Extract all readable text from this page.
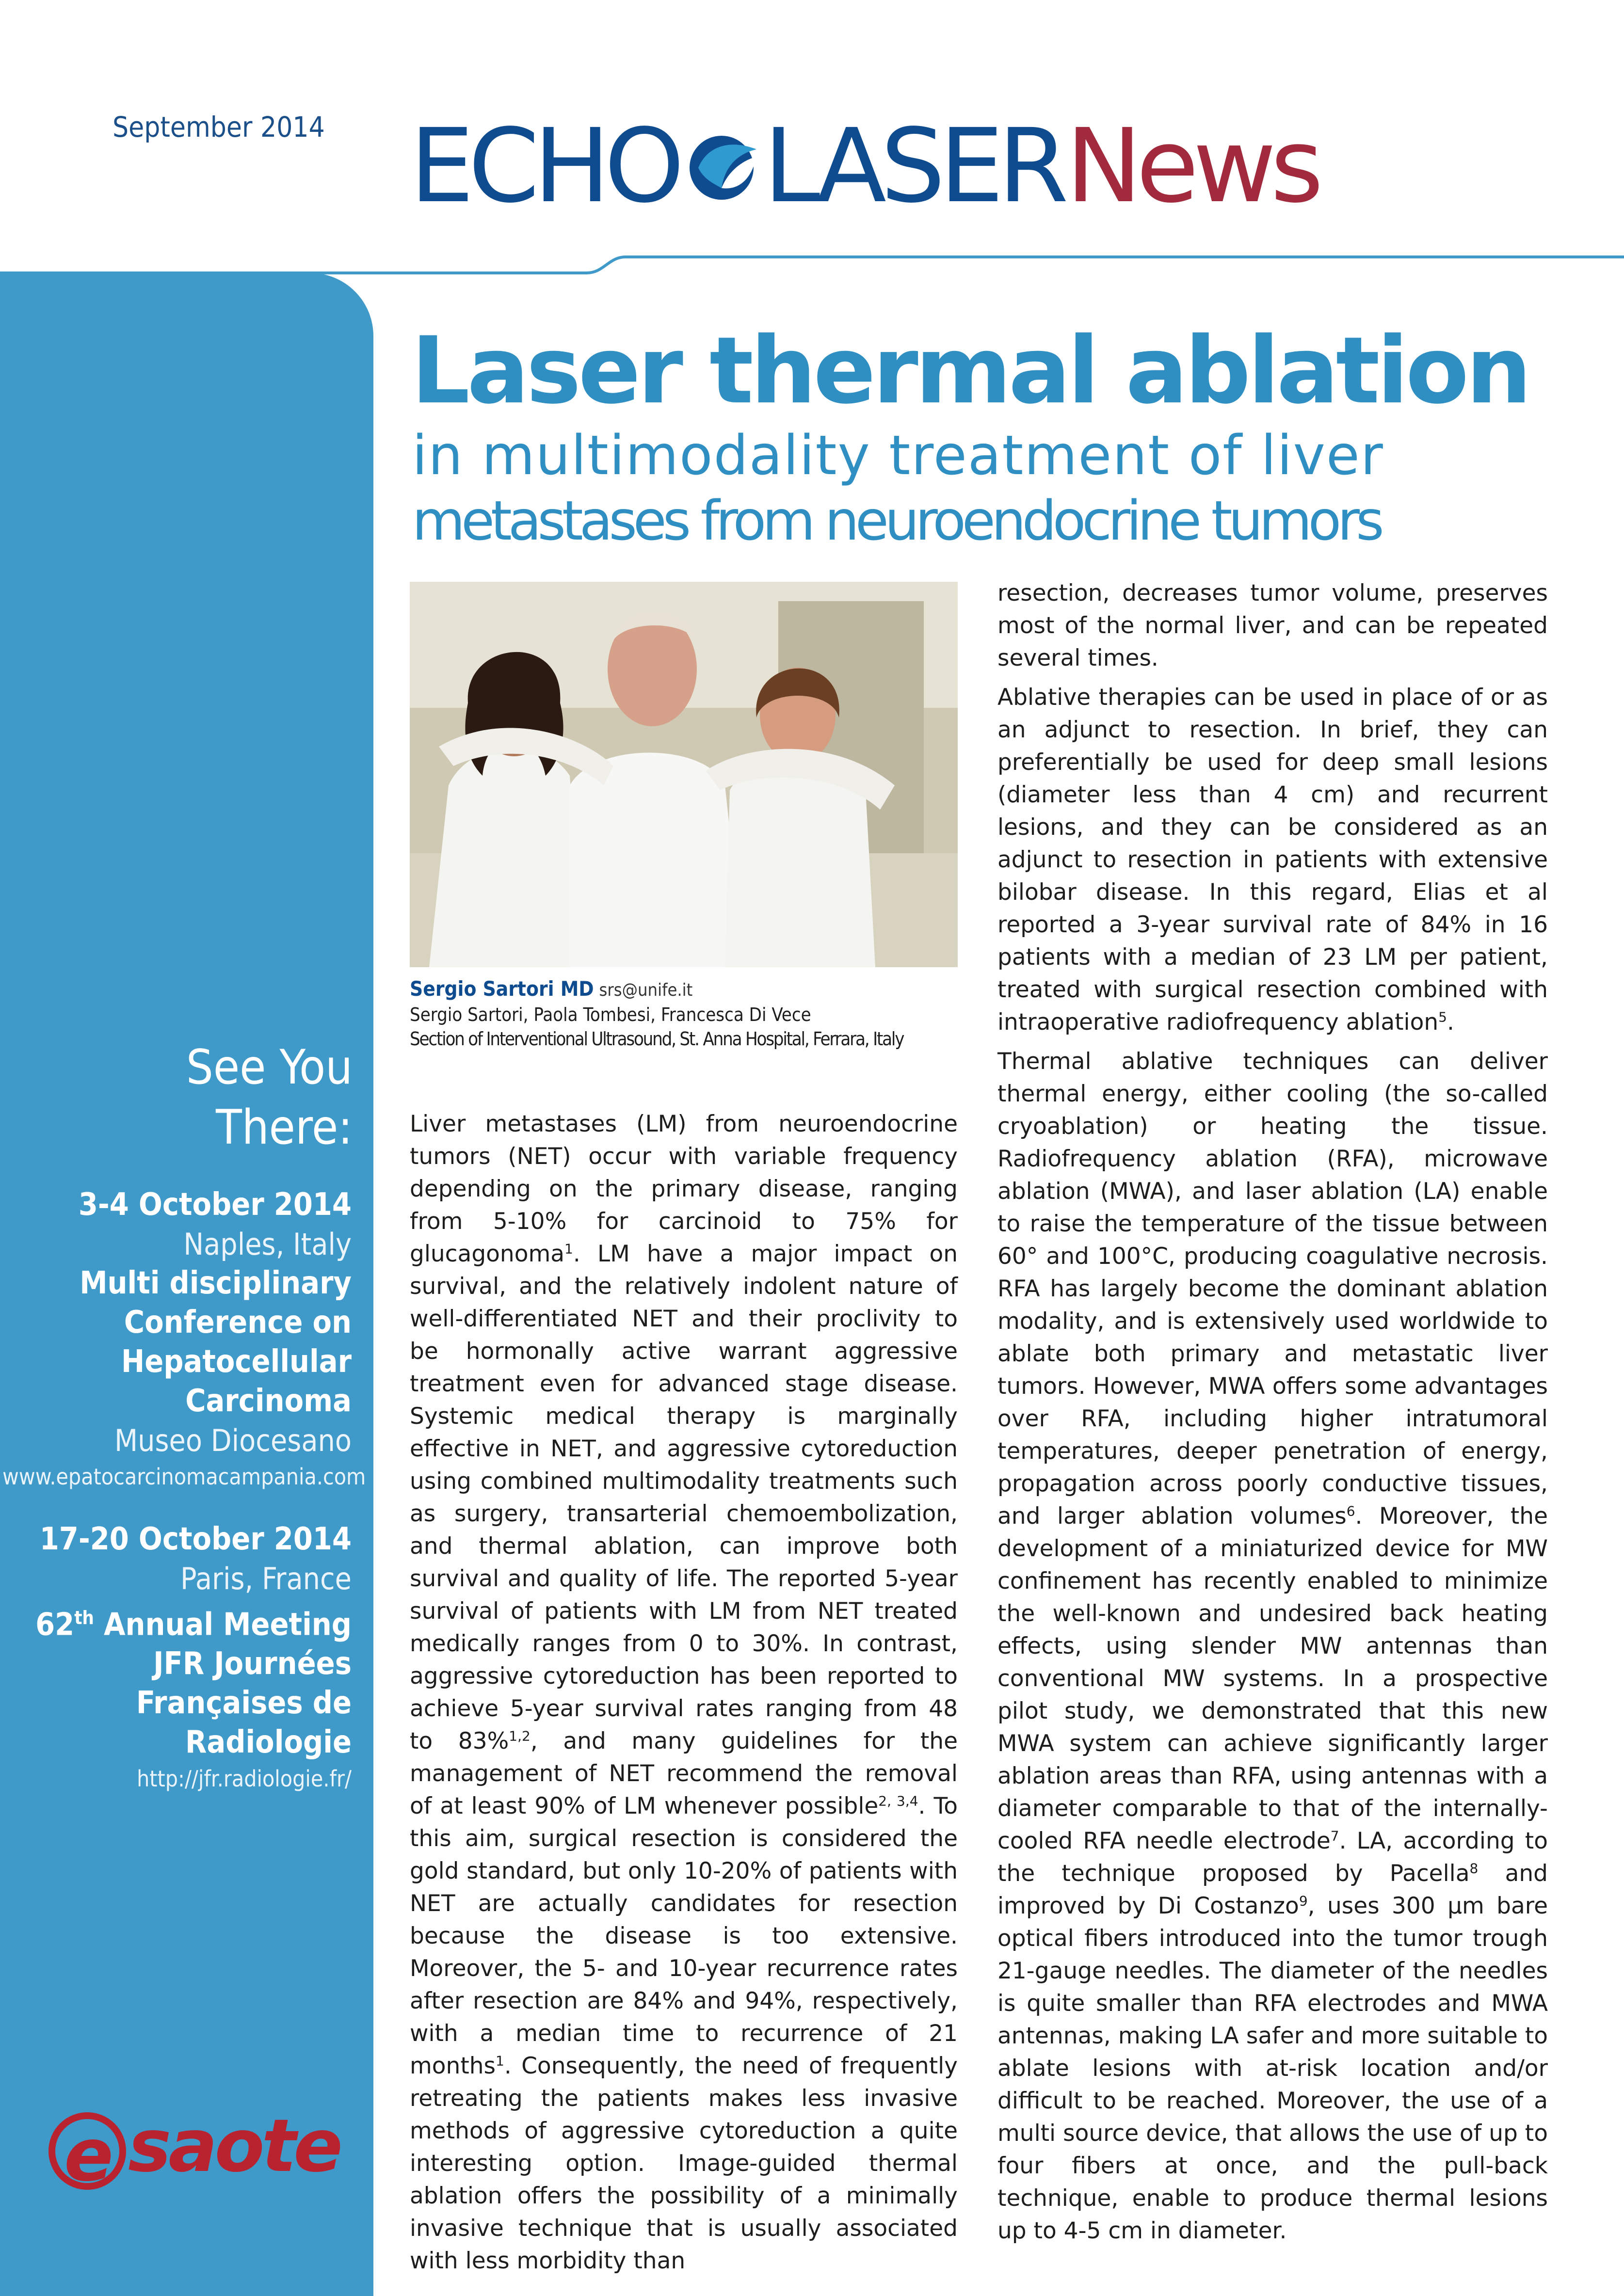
September 2014 ECHO LASERNews
Laser thermal ablation
in multimodality treatment of liver
metastases from neuroendocrine tumors
Sergio Sartori MD srs@unife.it
Sergio Sartori, Paola Tombesi, Francesca Di Vece
Section of Interventional Ultrasound, St. Anna Hospital, Ferrara, Italy
See You
There:
3-4 October 2014
Naples, Italy
Multi disciplinary
Conference on
Hepatocellular
Carcinoma
Museo Diocesano
www.epatocarcinomacampania.com
17-20 October 2014
Paris, France
62th Annual Meeting
JFR Journées
Françaises de
Radiologie
http://jfr.radiologie.fr/
e saote

Liver metastases (LM) from neuroendocrine tumors (NET) occur with variable frequency depending on the primary disease, ranging from 5-10% for carcinoid to 75% for glucagonoma$^1$. LM have a major impact on survival, and the relatively indolent nature of well-differentiated NET and their proclivity to be hormonally active warrant aggressive treatment even for advanced stage disease. Systemic medical therapy is marginally effective in NET, and aggressive cytoreduction using combined multimodality treatments such as surgery, transarterial chemoembolization, and thermal ablation, can improve both survival and quality of life. The reported 5-year survival of patients with LM from NET treated medically ranges from 0 to 30%. In contrast, aggressive cytoreduction has been reported to achieve 5-year survival rates ranging from 48 to 83%$^{1,2}$, and many guidelines for the management of NET recommend the removal of at least 90% of LM whenever possible$^{2, 3,4}$. To this aim, surgical resection is considered the gold standard, but only 10-20% of patients with NET are actually candidates for resection because the disease is too extensive. Moreover, the 5- and 10-year recurrence rates after resection are 84% and 94%, respectively, with a median time to recurrence of 21 months$^1$. Consequently, the need of frequently retreating the patients makes less invasive methods of aggressive cytoreduction a quite interesting option. Image-guided thermal ablation offers the possibility of a minimally invasive technique that is usually associated with less morbidity than

resection, decreases tumor volume, preserves most of the normal liver, and can be repeated several times.

Ablative therapies can be used in place of or as an adjunct to resection. In brief, they can preferentially be used for deep small lesions (diameter less than 4 cm) and recurrent lesions, and they can be considered as an adjunct to resection in patients with extensive bilobar disease. In this regard, Elias et al reported a 3-year survival rate of 84% in 16 patients with a median of 23 LM per patient, treated with surgical resection combined with intraoperative radiofrequency ablation$^5$.

Thermal ablative techniques can deliver thermal energy, either cooling (the so-called cryoablation) or heating the tissue. Radiofrequency ablation (RFA), microwave ablation (MWA), and laser ablation (LA) enable to raise the temperature of the tissue between 60° and 100°C, producing coagulative necrosis. RFA has largely become the dominant ablation modality, and is extensively used worldwide to ablate both primary and metastatic liver tumors. However, MWA offers some advantages over RFA, including higher intratumoral temperatures, deeper penetration of energy, propagation across poorly conductive tissues, and larger ablation volumes$^6$. Moreover, the development of a miniaturized device for MW confinement has recently enabled to minimize the well-known and undesired back heating effects, using slender MW antennas than conventional MW systems. In a prospective pilot study, we demonstrated that this new MWA system can achieve significantly larger ablation areas than RFA, using antennas with a diameter comparable to that of the internally-cooled RFA needle electrode$^7$. LA, according to the technique proposed by Pacella$^8$ and improved by Di Costanzo$^9$, uses 300 µm bare optical fibers introduced into the tumor trough 21-gauge needles. The diameter of the needles is quite smaller than RFA electrodes and MWA antennas, making LA safer and more suitable to ablate lesions with at-risk location and/or difficult to be reached. Moreover, the use of a multi source device, that allows the use of up to four fibers at once, and the pull-back technique, enable to produce thermal lesions up to 4-5 cm in diameter.
